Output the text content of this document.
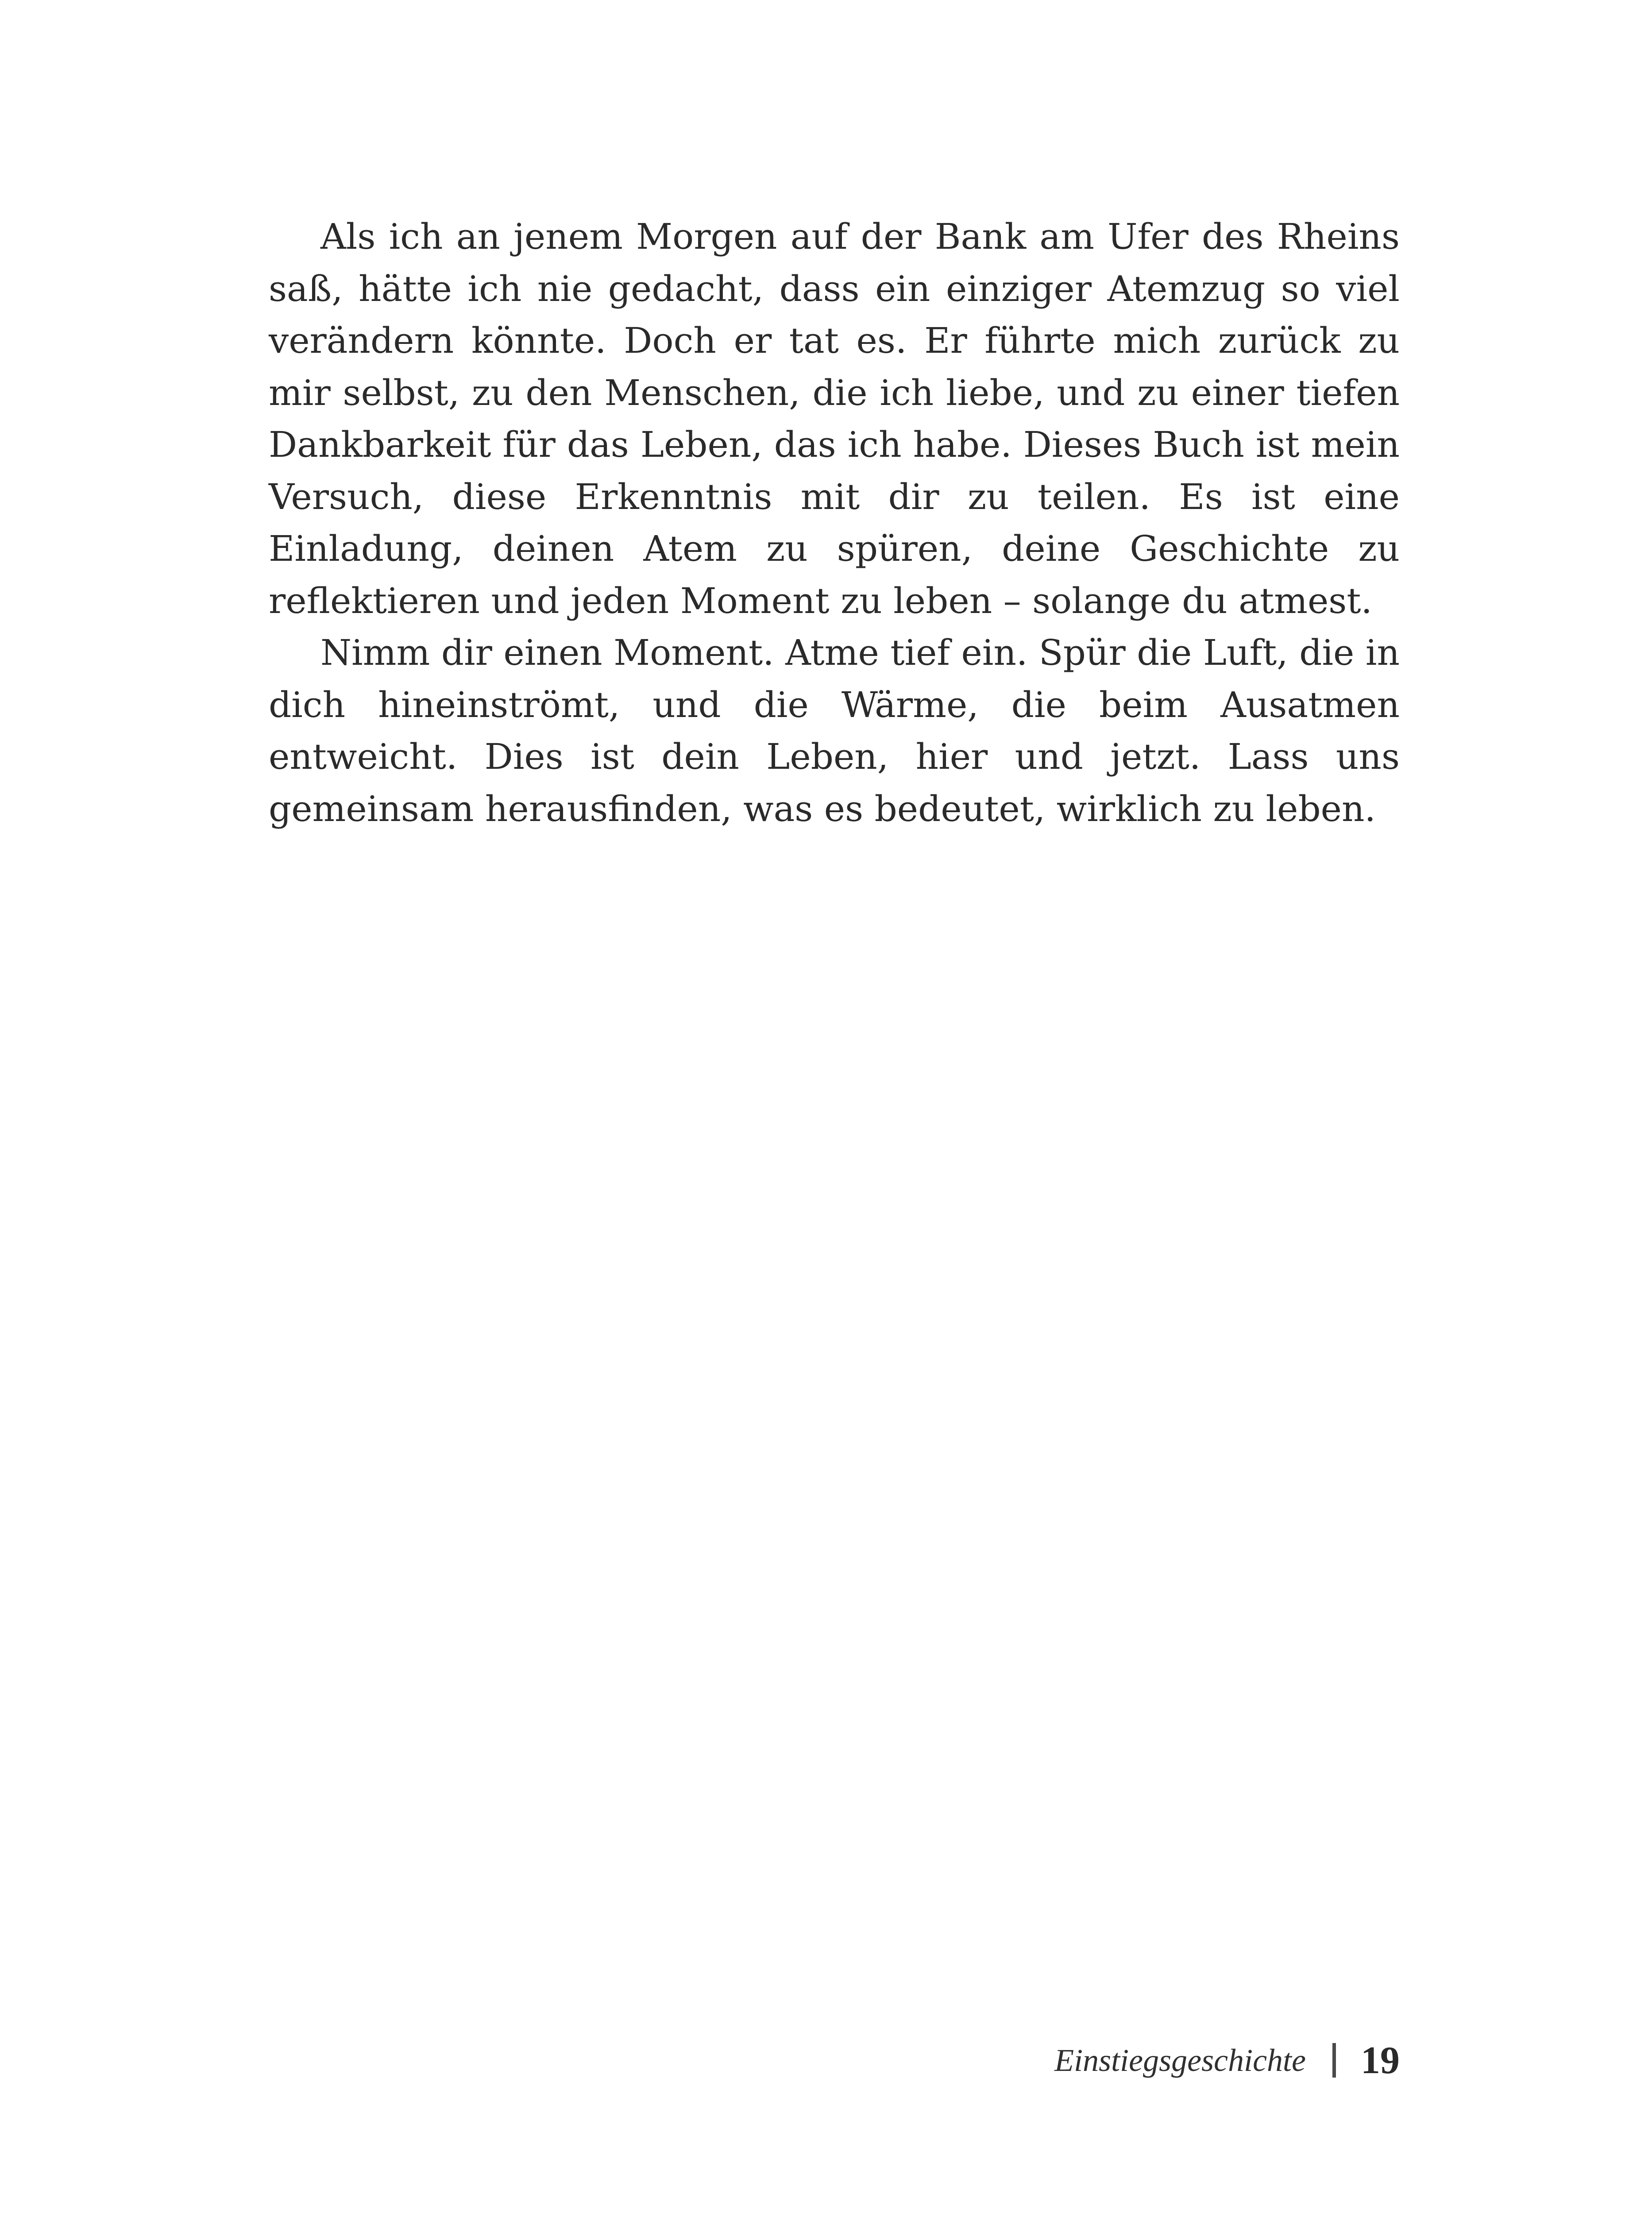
Als ich an jenem Morgen auf der Bank am Ufer des Rheins saß, hätte ich nie gedacht, dass ein einziger Atemzug so viel verändern könnte. Doch er tat es. Er führte mich zurück zu mir selbst, zu den Menschen, die ich liebe, und zu einer tiefen Dankbarkeit für das Leben, das ich habe. Dieses Buch ist mein Versuch, diese Erkenntnis mit dir zu teilen. Es ist eine Einladung, deinen Atem zu spüren, deine Geschichte zu reflektieren und jeden Moment zu leben – solange du atmest.

Nimm dir einen Moment. Atme tief ein. Spür die Luft, die in dich hineinströmt, und die Wärme, die beim Ausatmen entweicht. Dies ist dein Leben, hier und jetzt. Lass uns gemeinsam herausfinden, was es bedeutet, wirklich zu leben.

Einstiegsgeschichte 19
